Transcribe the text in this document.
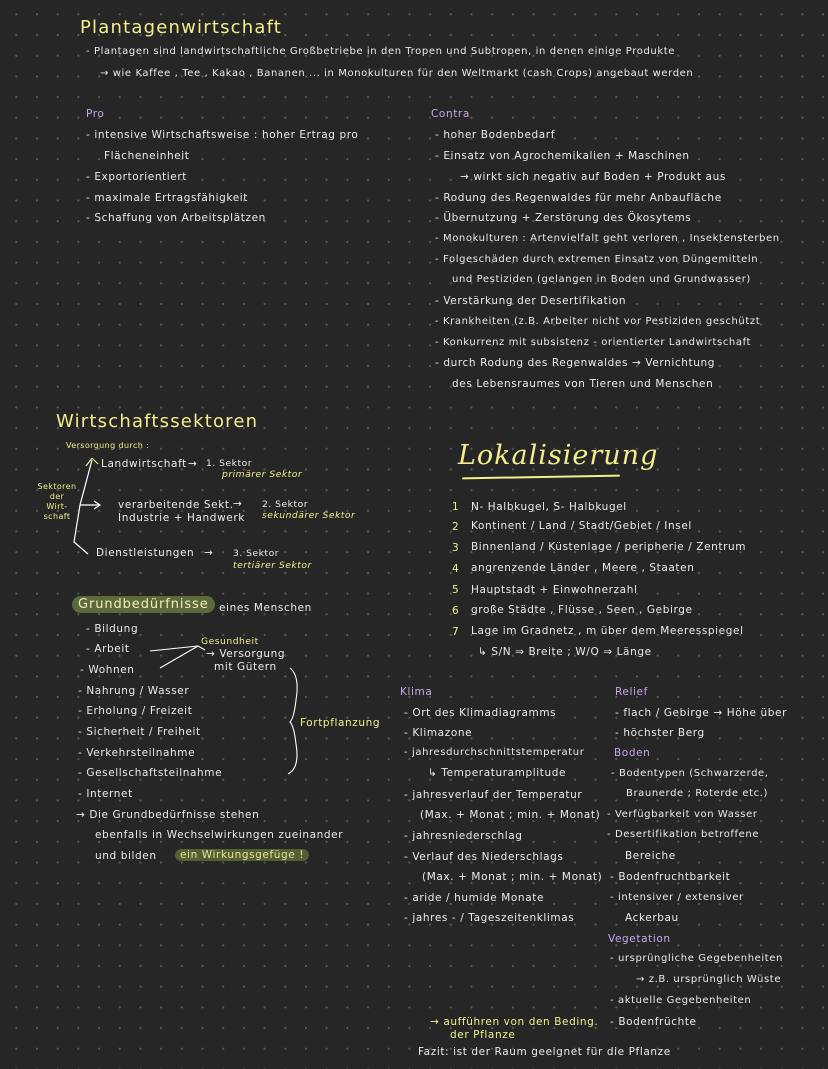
Plantagenwirtschaft
- Plantagen sind landwirtschaftliche Großbetriebe in den Tropen und Subtropen, in denen einige Produkte
→ wie Kaffee , Tee , Kakao , Bananen ... in Monokulturen für den Weltmarkt (cash Crops) angebaut werden
Pro
- intensive Wirtschaftsweise : hoher Ertrag pro
Flächeneinheit
- Exportorientiert
- maximale Ertragsfähigkeit
- Schaffung von Arbeitsplätzen
Contra
- hoher Bodenbedarf
- Einsatz von Agrochemikalien + Maschinen
→ wirkt sich negativ auf Boden + Produkt aus
- Rodung des Regenwaldes für mehr Anbaufläche
- Übernutzung + Zerstörung des Ökosytems
- Monokulturen : Artenvielfalt geht verloren , Insektensterben
- Folgeschäden durch extremen Einsatz von Düngemitteln
und Pestiziden (gelangen in Boden und Grundwasser)
- Verstärkung der Desertifikation
- Krankheiten (z.B. Arbeiter nicht vor Pestiziden geschützt
- Konkurrenz mit subsistenz - orientierter Landwirtschaft
- durch Rodung des Regenwaldes → Vernichtung
des Lebensraumes von Tieren und Menschen
Wirtschaftssektoren
Versorgung durch :
Sektoren
der
Wirt-
schaft
Landwirtschaft → 1. Sektor
primärer Sektor
verarbeitende Sekt.
Industrie + Handwerk
→ 2. Sektor
sekundärer Sektor
Dienstleistungen → 3. Sektor
tertiärer Sektor
Grundbedürfnisse eines Menschen
- Bildung
- Arbeit
- Wohnen
- Nahrung / Wasser
- Erholung / Freizeit
- Sicherheit / Freiheit
- Verkehrsteilnahme
- Gesellschaftsteilnahme
- Internet
Gesundheit
→ Versorgung
mit Gütern
Fortpflanzung
→ Die Grundbedürfnisse stehen
ebenfalls in Wechselwirkungen zueinander
und bilden	ein Wirkungsgefüge !
Lokalisierung
1 N- Halbkugel, S- Halbkugel
2 Kontinent / Land / Stadt/Gebiet / Insel
3 Binnenland / Küstenlage / peripherie / Zentrum
4 angrenzende Länder , Meere , Staaten
5 Hauptstadt + Einwohnerzahl
6 große Städte , Flüsse , Seen , Gebirge
7 Lage im Gradnetz , m über dem Meeresspiegel
↳ S/N ⇒ Breite ; W/O ⇒ Länge
Klima
- Ort des Klimadiagramms
- Klimazone
- jahresdurchschnittstemperatur
↳ Temperaturamplitude
- jahresverlauf der Temperatur
(Max. + Monat ; min. + Monat)
- jahresniederschlag
- Verlauf des Niederschlags
(Max. + Monat ; min. + Monat)
- aride / humide Monate
- jahres - / Tageszeitenklimas
Relief
- flach / Gebirge → Höhe über
- höchster Berg
Boden
- Bodentypen (Schwarzerde,
Braunerde ; Roterde etc.)
- Verfügbarkeit von Wasser
- Desertifikation betroffene
Bereiche
- Bodenfruchtbarkeit
- intensiver / extensiver
Ackerbau
Vegetation
- ursprüngliche Gegebenheiten
→ z.B. ursprünglich Wüste
- aktuelle Gegebenheiten
- Bodenfrüchte
→ aufführen von den Beding.
der Pflanze
Fazit: ist der Raum geeignet für die Pflanze
